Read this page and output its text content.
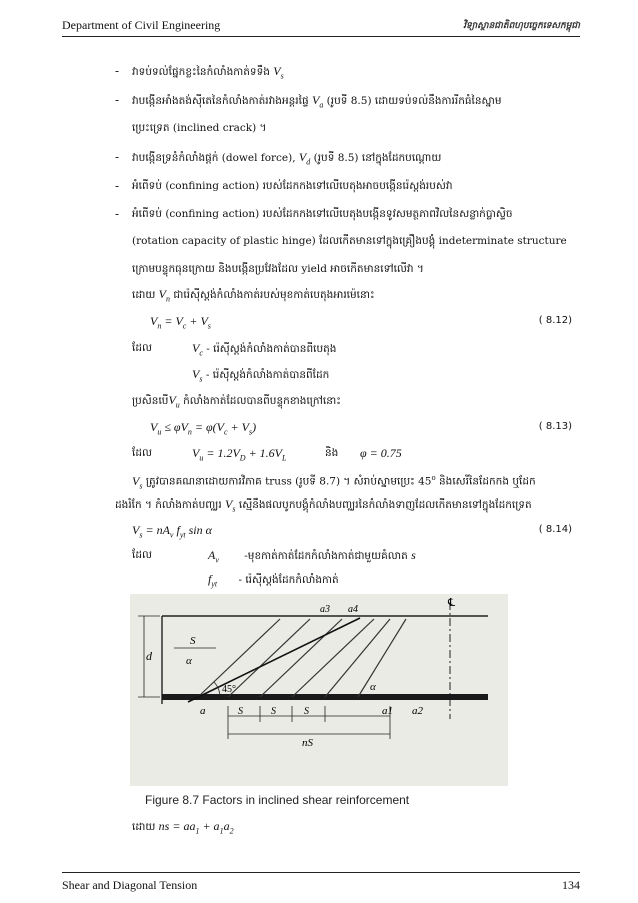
Department of Civil Engineering	វិទ្យាស្ថានជាតិពហុបច្ចេកទេសកម្ពុជា
- វាទប់ទល់ផ្នែកខ្លះនៃកំលាំងកាត់ទទឹង $V_s$
- វាបង្កើនអាំងតង់ស៊ីតេនៃកំលាំងកាត់រវាងអន្តរផ្ទៃ $V_a$ (រូបទី 8.5) ដោយទប់ទល់នឹងការរីកធំនៃស្នាម
ប្រេះទ្រេត (inclined crack) ។
- វាបង្កើនទ្រនំកំលាំងផ្តក់ (dowel force), $V_d$ (រូបទី 8.5) នៅក្នុងដែកបណ្តោយ
- អំពើទប់ (confining action) របស់ដែកកងទៅលើបេតុងអាចបង្កើនរ៉េស្តង់របស់វា
- អំពើទប់ (confining action) របស់ដែកកងទៅលើបេតុងបង្កើនទូវសមត្ថភាពវិលនៃសន្លាក់ប្លាស្ទិច
(rotation capacity of plastic hinge) ដែលកើតមានទៅក្នុងគ្រឿងបង្គុំ indeterminate structure
ក្រោមបន្ទុកធុនក្រោយ និងបង្កើនប្រវែងដែល yield អាចកើតមានទៅលើវា ។
ដោយ $V_n$ ជារ៉េស៊ីស្តង់កំលាំងកាត់របស់មុខកាត់បេតុងអារម៉េនោះ
$V_n = V_c + V_s$	( 8.12)
ដែល	$V_c$ - រ៉េស៊ីស្តង់កំលាំងកាត់បានពីបេតុង
$V_s$ - រ៉េស៊ីស្តង់កំលាំងកាត់បានពីដែក
ប្រសិនបើ$V_u$ កំលាំងកាត់ដែលបានពីបន្ទុកខាងក្រៅនោះ
$V_u \le \varphi V_n = \varphi(V_c + V_s)$	( 8.13)
ដែល	$V_u = 1.2V_D + 1.6V_L$	និង φ = 0.75
$V_s$ ត្រូវបានគណនាដោយការវិភាគ truss (រូបទី 8.7) ។ សំរាប់ស្នាមប្រេះ 45$^o$ និងសេរីនៃដែកកង ឬដែក
ដងរំកែ ។ កំលាំងកាត់បញ្ឈរ $V_s$ ស្មើនឹងផលបូកបង្គុំកំលាំងបញ្ឈរនៃកំលាំងទាញដែលកើតមានទៅក្នុងដែកទ្រេត
$V_s = nA_v$ $f_{yt}$ sin α	( 8.14)
ដែល	$A_v$ -មុខកាត់កាត់ដែកកំលាំងកាត់ជាមួយគំលាត s
$f_{yt}$ - រ៉េស៊ីស្តង់ដែកកំលាំងកាត់
℄
d
S
a3 a4
α
α
45°
a	a1 a2
S	S	S
nS
Figure 8.7 Factors in inclined shear reinforcement
ដោយ ns = $aa_1 + a_1a_2$
Shear and Diagonal Tension	134
